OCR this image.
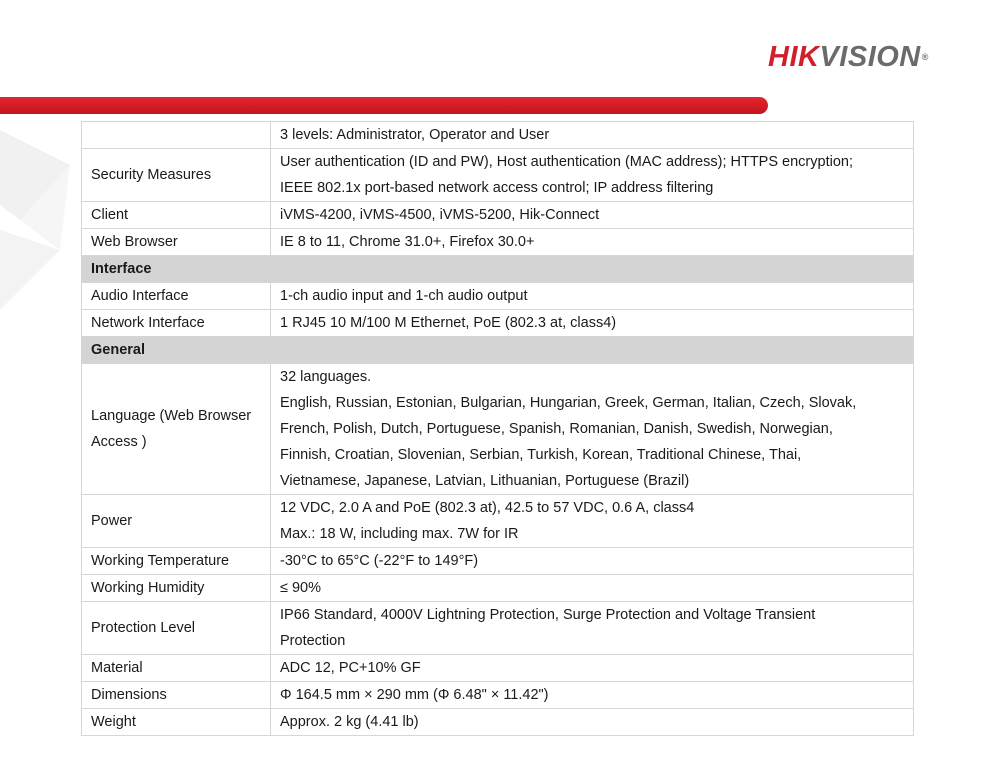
HIKVISION®

	3 levels: Administrator, Operator and User

Security Measures	User authentication (ID and PW), Host authentication (MAC address); HTTPS encryption;
IEEE 802.1x port-based network access control; IP address filtering

Client	iVMS-4200, iVMS-4500, iVMS-5200, Hik-Connect

Web Browser	IE 8 to 11, Chrome 31.0+, Firefox 30.0+

Interface	
Audio Interface	1-ch audio input and 1-ch audio output

Network Interface	1 RJ45 10 M/100 M Ethernet, PoE (802.3 at, class4)

General	
Language (Web Browser Access )	32 languages.
English, Russian, Estonian, Bulgarian, Hungarian, Greek, German, Italian, Czech, Slovak,
French, Polish, Dutch, Portuguese, Spanish, Romanian, Danish, Swedish, Norwegian,
Finnish, Croatian, Slovenian, Serbian, Turkish, Korean, Traditional Chinese, Thai,
Vietnamese, Japanese, Latvian, Lithuanian, Portuguese (Brazil)

Power	12 VDC, 2.0 A and PoE (802.3 at), 42.5 to 57 VDC, 0.6 A, class4
Max.: 18 W, including max. 7W for IR

Working Temperature	-30°C to 65°C (-22°F to 149°F)

Working Humidity	≤ 90%

Protection Level	IP66 Standard, 4000V Lightning Protection, Surge Protection and Voltage Transient
Protection

Material	ADC 12, PC+10% GF

Dimensions	Φ 164.5 mm × 290 mm (Φ 6.48" × 11.42")

Weight	Approx. 2 kg (4.41 lb)
